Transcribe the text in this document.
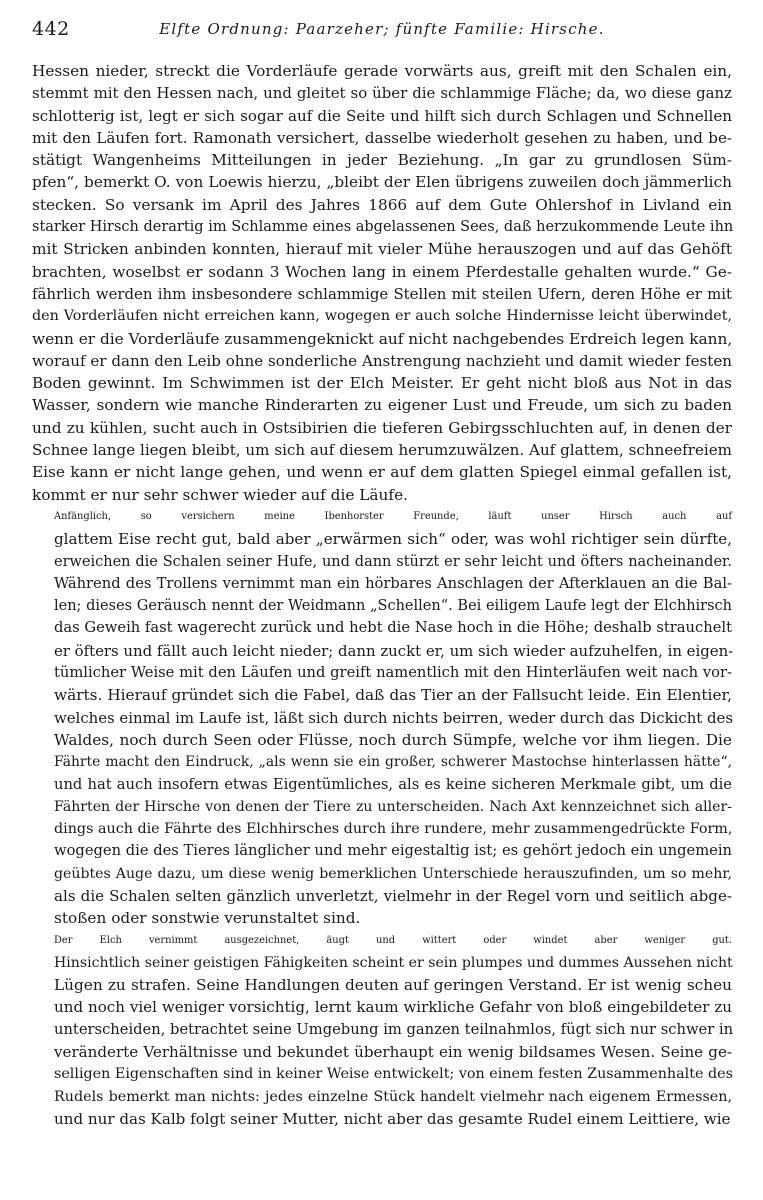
442	Elfte Ordnung: Paarzeher; fünfte Familie: Hirsche.
Hessen nieder, streckt die Vorderläufe gerade vorwärts aus, greift mit den Schalen ein,
stemmt mit den Hessen nach, und gleitet so über die schlammige Fläche; da, wo diese ganz
schlotterig ist, legt er sich sogar auf die Seite und hilft sich durch Schlagen und Schnellen
mit den Läufen fort. Ramonath versichert, dasselbe wiederholt gesehen zu haben, und be-
stätigt Wangenheims Mitteilungen in jeder Beziehung. „In gar zu grundlosen Süm-
pfen“, bemerkt O. von Loewis hierzu, „bleibt der Elen übrigens zuweilen doch jämmerlich
stecken. So versank im April des Jahres 1866 auf dem Gute Ohlershof in Livland ein
starker Hirsch derartig im Schlamme eines abgelassenen Sees, daß herzukommende Leute ihn
mit Stricken anbinden konnten, hierauf mit vieler Mühe herauszogen und auf das Gehöft
brachten, woselbst er sodann 3 Wochen lang in einem Pferdestalle gehalten wurde.“ Ge-
fährlich werden ihm insbesondere schlammige Stellen mit steilen Ufern, deren Höhe er mit
den Vorderläufen nicht erreichen kann, wogegen er auch solche Hindernisse leicht überwindet,
wenn er die Vorderläufe zusammengeknickt auf nicht nachgebendes Erdreich legen kann,
worauf er dann den Leib ohne sonderliche Anstrengung nachzieht und damit wieder festen
Boden gewinnt. Im Schwimmen ist der Elch Meister. Er geht nicht bloß aus Not in das
Wasser, sondern wie manche Rinderarten zu eigener Lust und Freude, um sich zu baden
und zu kühlen, sucht auch in Ostsibirien die tieferen Gebirgsschluchten auf, in denen der
Schnee lange liegen bleibt, um sich auf diesem herumzuwälzen. Auf glattem, schneefreiem
Eise kann er nicht lange gehen, und wenn er auf dem glatten Spiegel einmal gefallen ist,
kommt er nur sehr schwer wieder auf die Läufe.
Anfänglich, so versichern meine Ibenhorster Freunde, läuft unser Hirsch auch auf
glattem Eise recht gut, bald aber „erwärmen sich“ oder, was wohl richtiger sein dürfte,
erweichen die Schalen seiner Hufe, und dann stürzt er sehr leicht und öfters nacheinander.
Während des Trollens vernimmt man ein hörbares Anschlagen der Afterklauen an die Bal-
len; dieses Geräusch nennt der Weidmann „Schellen“. Bei eiligem Laufe legt der Elchhirsch
das Geweih fast wagerecht zurück und hebt die Nase hoch in die Höhe; deshalb strauchelt
er öfters und fällt auch leicht nieder; dann zuckt er, um sich wieder aufzuhelfen, in eigen-
tümlicher Weise mit den Läufen und greift namentlich mit den Hinterläufen weit nach vor-
wärts. Hierauf gründet sich die Fabel, daß das Tier an der Fallsucht leide. Ein Elentier,
welches einmal im Laufe ist, läßt sich durch nichts beirren, weder durch das Dickicht des
Waldes, noch durch Seen oder Flüsse, noch durch Sümpfe, welche vor ihm liegen. Die
Fährte macht den Eindruck, „als wenn sie ein großer, schwerer Mastochse hinterlassen hätte“,
und hat auch insofern etwas Eigentümliches, als es keine sicheren Merkmale gibt, um die
Fährten der Hirsche von denen der Tiere zu unterscheiden. Nach Axt kennzeichnet sich aller-
dings auch die Fährte des Elchhirsches durch ihre rundere, mehr zusammengedrückte Form,
wogegen die des Tieres länglicher und mehr eigestaltig ist; es gehört jedoch ein ungemein
geübtes Auge dazu, um diese wenig bemerklichen Unterschiede herauszufinden, um so mehr,
als die Schalen selten gänzlich unverletzt, vielmehr in der Regel vorn und seitlich abge-
stoßen oder sonstwie verunstaltet sind.
Der Elch vernimmt ausgezeichnet, äugt und wittert oder windet aber weniger gut.
Hinsichtlich seiner geistigen Fähigkeiten scheint er sein plumpes und dummes Aussehen nicht
Lügen zu strafen. Seine Handlungen deuten auf geringen Verstand. Er ist wenig scheu
und noch viel weniger vorsichtig, lernt kaum wirkliche Gefahr von bloß eingebildeter zu
unterscheiden, betrachtet seine Umgebung im ganzen teilnahmlos, fügt sich nur schwer in
veränderte Verhältnisse und bekundet überhaupt ein wenig bildsames Wesen. Seine ge-
selligen Eigenschaften sind in keiner Weise entwickelt; von einem festen Zusammenhalte des
Rudels bemerkt man nichts: jedes einzelne Stück handelt vielmehr nach eigenem Ermessen,
und nur das Kalb folgt seiner Mutter, nicht aber das gesamte Rudel einem Leittiere, wie
